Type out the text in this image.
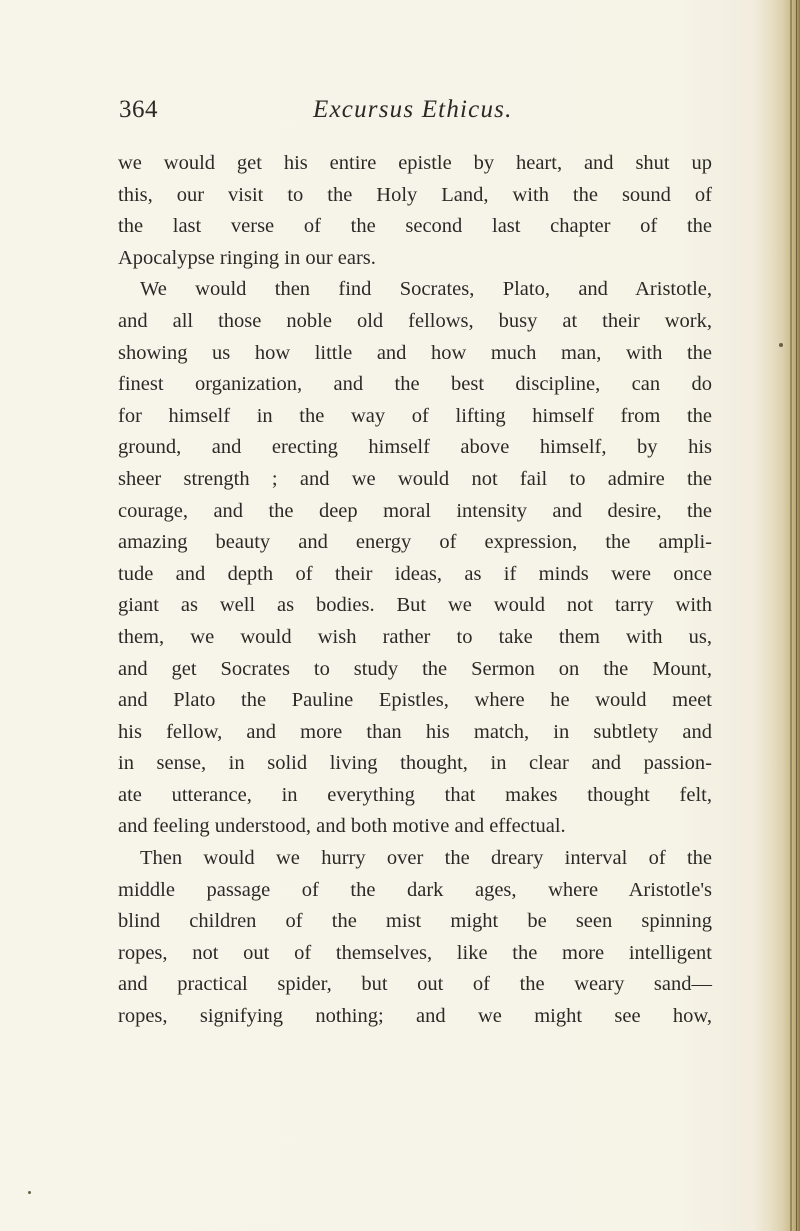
364	Excursus Ethicus.
we would get his entire epistle by heart, and shut up
this, our visit to the Holy Land, with the sound of
the last verse of the second last chapter of the
Apocalypse ringing in our ears.
We would then find Socrates, Plato, and Aristotle,
and all those noble old fellows, busy at their work,
showing us how little and how much man, with the
finest organization, and the best discipline, can do
for himself in the way of lifting himself from the
ground, and erecting himself above himself, by his
sheer strength ; and we would not fail to admire the
courage, and the deep moral intensity and desire, the
amazing beauty and energy of expression, the ampli-
tude and depth of their ideas, as if minds were once
giant as well as bodies. But we would not tarry with
them, we would wish rather to take them with us,
and get Socrates to study the Sermon on the Mount,
and Plato the Pauline Epistles, where he would meet
his fellow, and more than his match, in subtlety and
in sense, in solid living thought, in clear and passion-
ate utterance, in everything that makes thought felt,
and feeling understood, and both motive and effectual.
Then would we hurry over the dreary interval of the
middle passage of the dark ages, where Aristotle's
blind children of the mist might be seen spinning
ropes, not out of themselves, like the more intelligent
and practical spider, but out of the weary sand—
ropes, signifying nothing; and we might see how,
